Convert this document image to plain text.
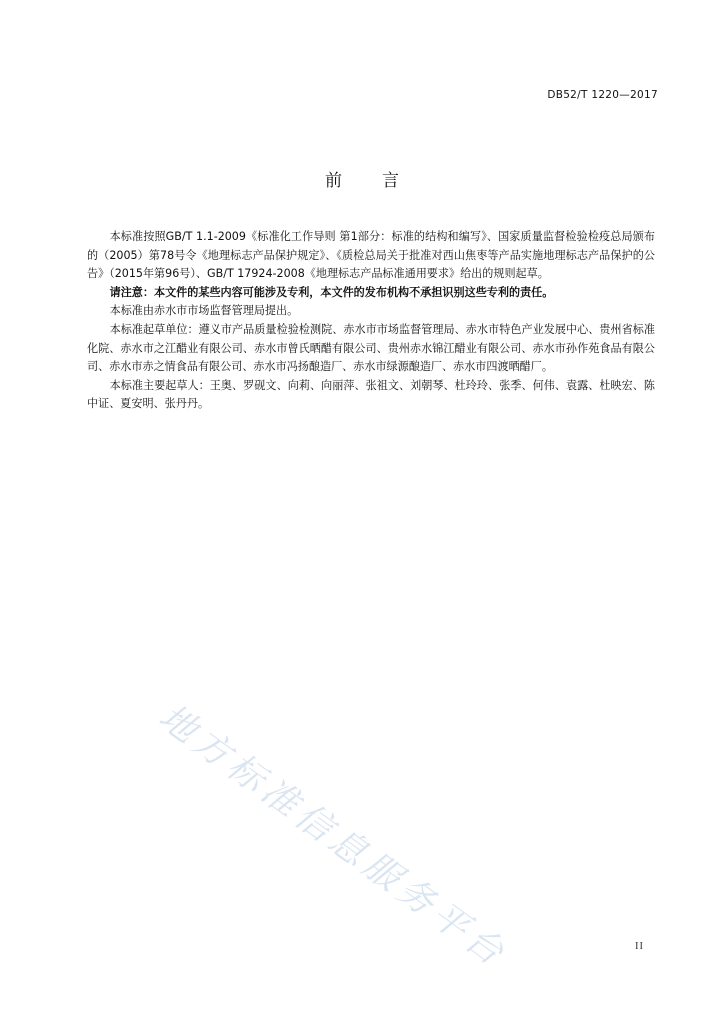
DB52/T 1220—2017
前言

本标准按照GB/T 1.1-2009《标准化工作导则 第1部分：标准的结构和编写》、国家质量监督检验检疫总局颁布的（2005）第78号令《地理标志产品保护规定》、《质检总局关于批准对西山焦枣等产品实施地理标志产品保护的公告》（2015年第96号）、GB/T 17924-2008《地理标志产品标准通用要求》给出的规则起草。

请注意：本文件的某些内容可能涉及专利，本文件的发布机构不承担识别这些专利的责任。

本标准由赤水市市场监督管理局提出。

本标准起草单位：遵义市产品质量检验检测院、赤水市市场监督管理局、赤水市特色产业发展中心、贵州省标准化院、赤水市之江醋业有限公司、赤水市曾氏晒醋有限公司、贵州赤水锦江醋业有限公司、赤水市孙作苑食品有限公司、赤水市赤之情食品有限公司、赤水市冯扬酿造厂、赤水市绿源酿造厂、赤水市四渡晒醋厂。

本标准主要起草人：王奥、罗砚文、向莉、向丽萍、张祖文、刘朝琴、杜玲玲、张季、何伟、袁露、杜映宏、陈中证、夏安明、张丹丹。

地方标准信息服务平台	II
